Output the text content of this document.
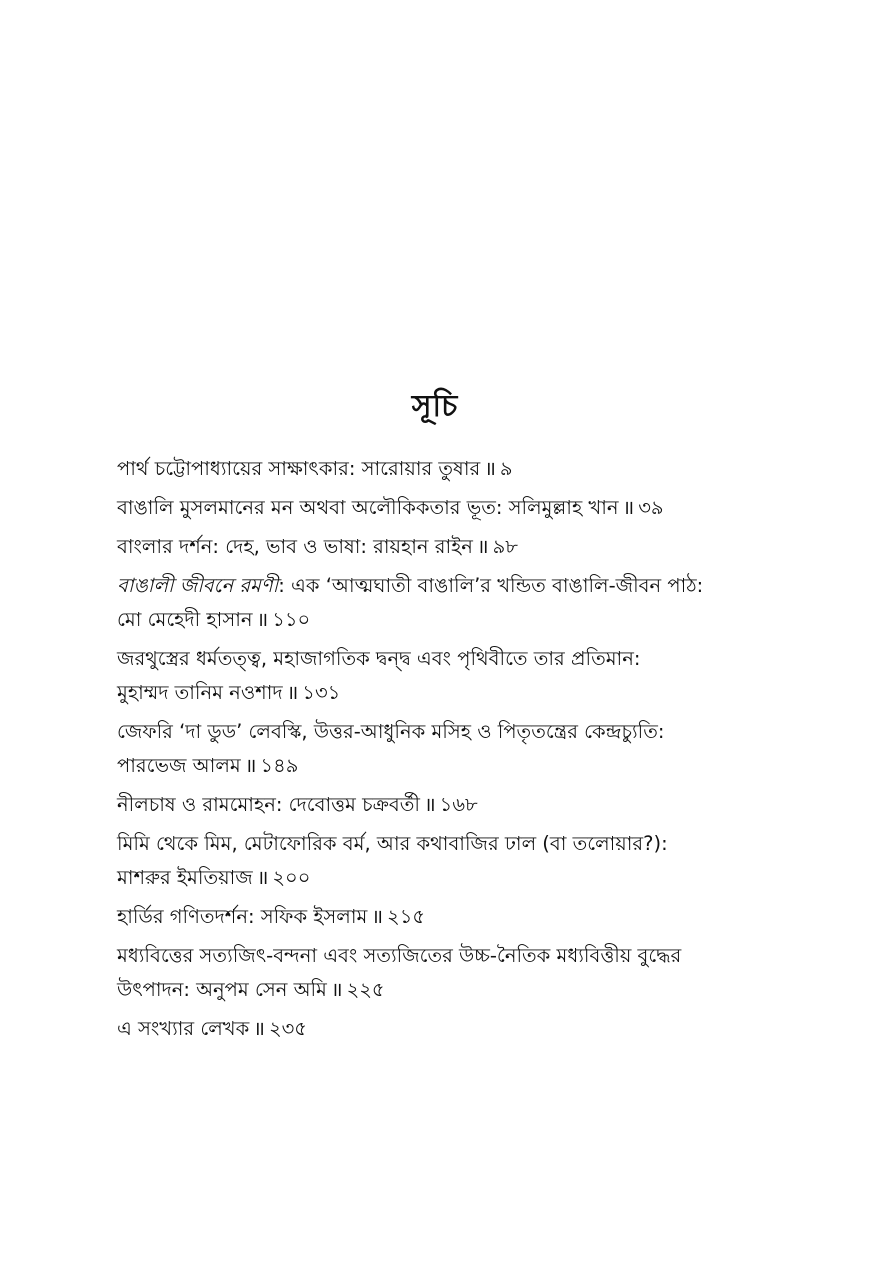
সূচি
পার্থ চট্টোপাধ্যায়ের সাক্ষাৎকার: সারোয়ার তুষার ॥ ৯
বাঙালি মুসলমানের মন অথবা অলৌকিকতার ভূত: সলিমুল্লাহ খান ॥ ৩৯
বাংলার দর্শন: দেহ, ভাব ও ভাষা: রায়হান রাইন ॥ ৯৮
বাঙালী জীবনে রমণী: এক ‘আত্মঘাতী বাঙালি’র খন্ডিত বাঙালি-জীবন পাঠ:
মো মেহেদী হাসান ॥ ১১০
জরথুস্ত্রের ধর্মতত্ত্ব, মহাজাগতিক দ্বন্দ্ব এবং পৃথিবীতে তার প্রতিমান:
মুহাম্মদ তানিম নওশাদ ॥ ১৩১
জেফরি ‘দা ডুড’ লেবস্কি, উত্তর-আধুনিক মসিহ ও পিতৃতন্ত্রের কেন্দ্রচ্যুতি:
পারভেজ আলম ॥ ১৪৯
নীলচাষ ও রামমোহন: দেবোত্তম চক্রবর্তী ॥ ১৬৮
মিমি থেকে মিম, মেটাফোরিক বর্ম, আর কথাবাজির ঢাল (বা তলোয়ার?):
মাশরুর ইমতিয়াজ ॥ ২০০
হার্ডির গণিতদর্শন: সফিক ইসলাম ॥ ২১৫
মধ্যবিত্তের সত্যজিৎ-বন্দনা এবং সত্যজিতের উচ্চ-নৈতিক মধ্যবিত্তীয় বুদ্ধের
উৎপাদন: অনুপম সেন অমি ॥ ২২৫
এ সংখ্যার লেখক ॥ ২৩৫
